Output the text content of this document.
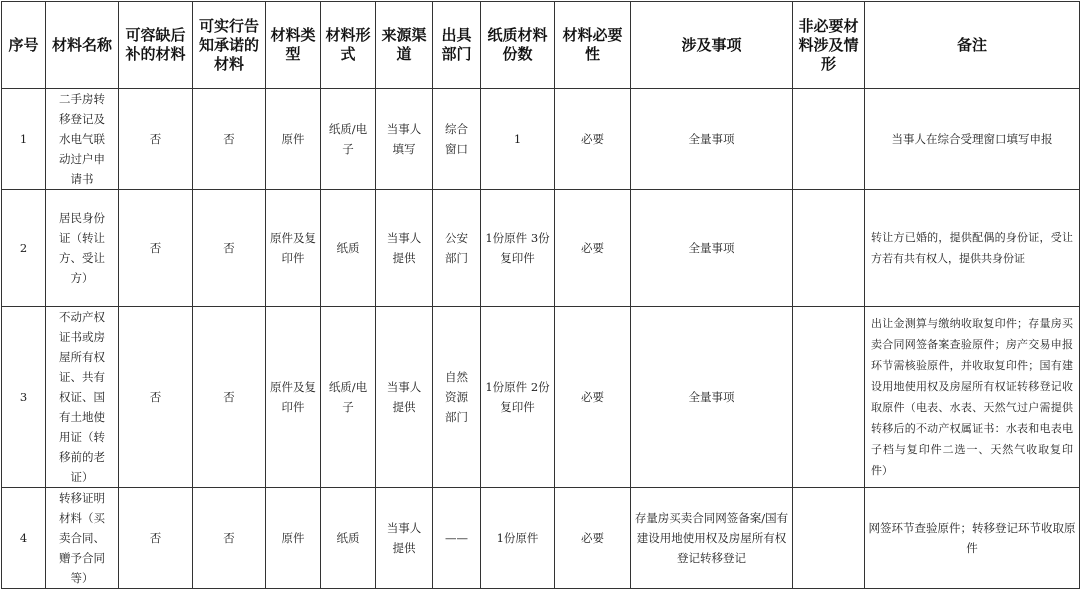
序号	材料名称	可容缺后补的材料	可实行告知承诺的材料	材料类型	材料形式	来源渠道	出具部门	纸质材料份数	材料必要性	涉及事项	非必要材料涉及情形	备注
1	二手房转移登记及水电气联动过户申请书	否	否	原件	纸质/电子	当事人填写	综合窗口	1	必要	全量事项		当事人在综合受理窗口填写申报
2	居民身份证（转让方、受让方）	否	否	原件及复印件	纸质	当事人提供	公安部门	1份原件 3份复印件	必要	全量事项		转让方已婚的，提供配偶的身份证，受让方若有共有权人，提供共身份证
3	不动产权证书或房屋所有权证、共有权证、国有土地使用证（转移前的老证）	否	否	原件及复印件	纸质/电子	当事人提供	自然资源部门	1份原件 2份复印件	必要	全量事项		出让金测算与缴纳收取复印件；存量房买卖合同网签备案查验原件；房产交易申报环节需核验原件，并收取复印件；国有建设用地使用权及房屋所有权证转移登记收取原件（电表、水表、天然气过户需提供转移后的不动产权属证书：水表和电表电子档与复印件二选一、天然气收取复印件）
4	转移证明材料（买卖合同、赠予合同等）	否	否	原件	纸质	当事人提供	——	1份原件	必要	存量房买卖合同网签备案/国有建设用地使用权及房屋所有权登记转移登记		网签环节查验原件；转移登记环节收取原件
